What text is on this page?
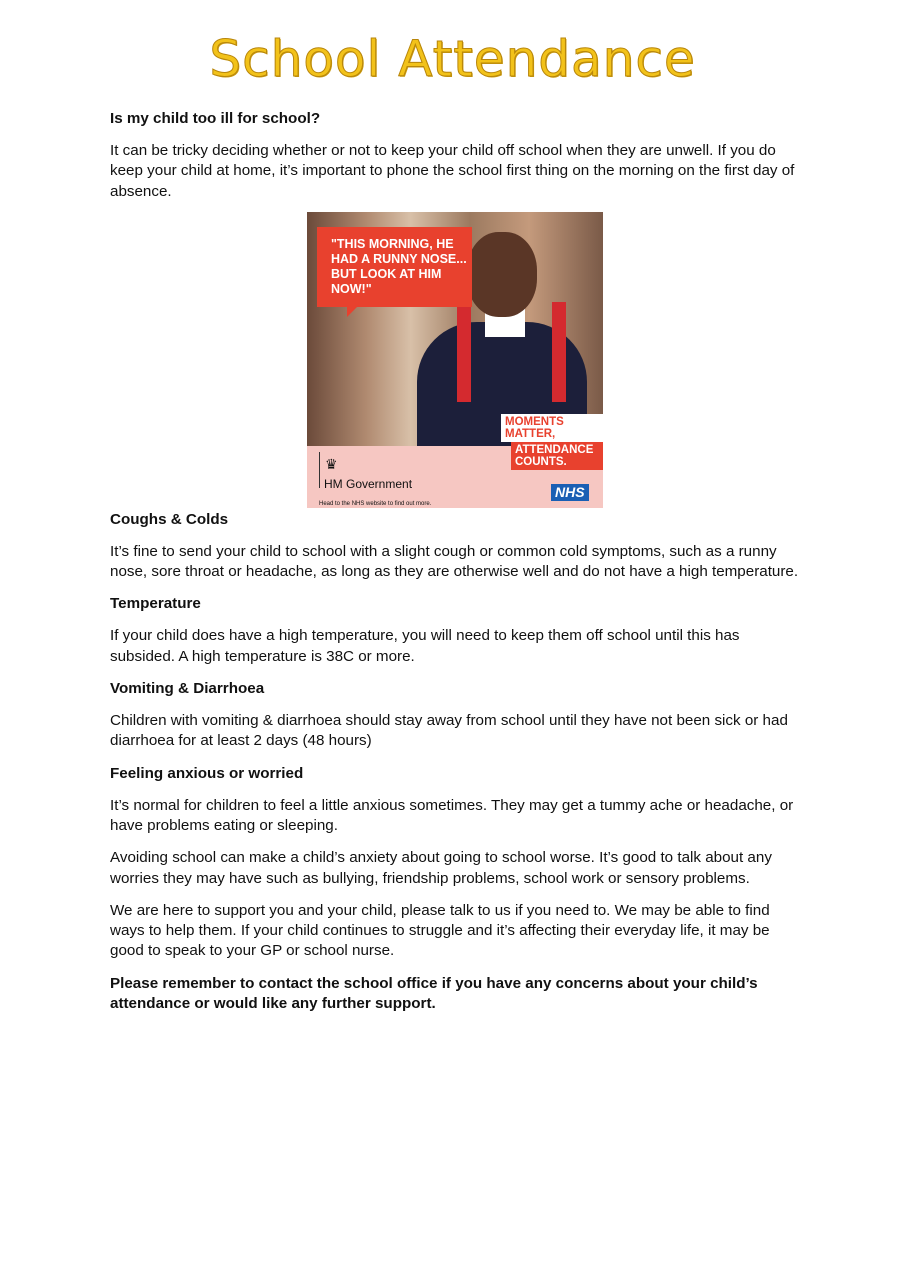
School Attendance
Is my child too ill for school?

It can be tricky deciding whether or not to keep your child off school when they are unwell. If you do keep your child at home, it’s important to phone the school first thing on the morning on the first day of absence.

"THIS MORNING, HE HAD A RUNNY NOSE... BUT LOOK AT HIM NOW!"
♛
HM Government
Head to the NHS website to find out more.
MOMENTS MATTER,
ATTENDANCE COUNTS.
NHS
Coughs & Colds

It’s fine to send your child to school with a slight cough or common cold symptoms, such as a runny nose, sore throat or headache, as long as they are otherwise well and do not have a high temperature.

Temperature

If your child does have a high temperature, you will need to keep them off school until this has subsided. A high temperature is 38C or more.

Vomiting & Diarrhoea

Children with vomiting & diarrhoea should stay away from school until they have not been sick or had diarrhoea for at least 2 days (48 hours)

Feeling anxious or worried

It’s normal for children to feel a little anxious sometimes. They may get a tummy ache or headache, or have problems eating or sleeping.

Avoiding school can make a child’s anxiety about going to school worse. It’s good to talk about any worries they may have such as bullying, friendship problems, school work or sensory problems.

We are here to support you and your child, please talk to us if you need to. We may be able to find ways to help them. If your child continues to struggle and it’s affecting their everyday life, it may be good to speak to your GP or school nurse.

Please remember to contact the school office if you have any concerns about your child’s attendance or would like any further support.
